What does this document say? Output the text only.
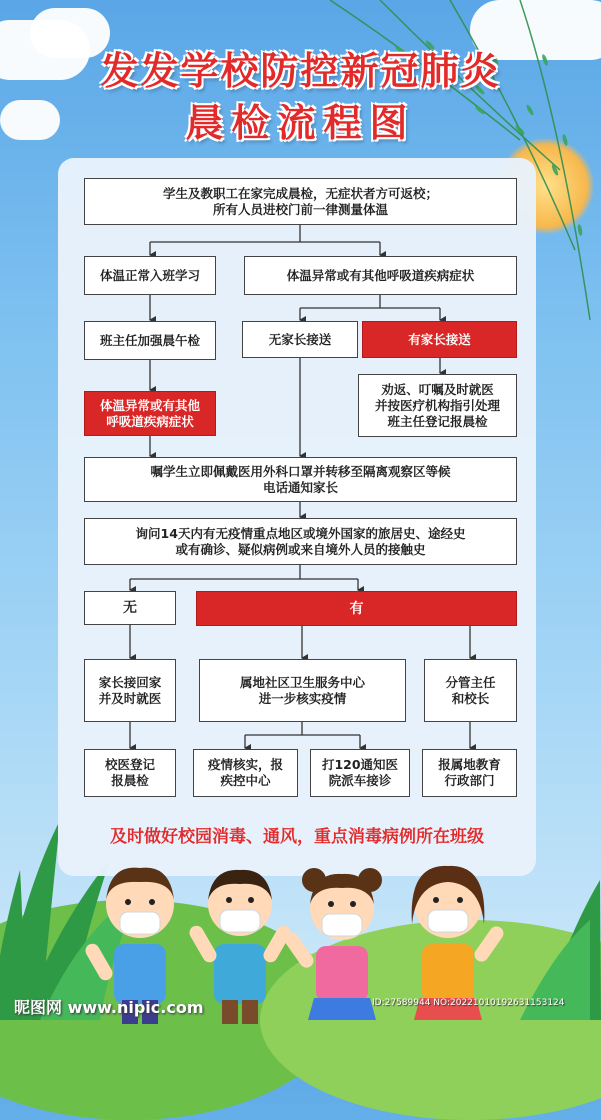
发发学校防控新冠肺炎
晨检流程图
学生及教职工在家完成晨检，无症状者方可返校；
所有人员进校门前一律测量体温
体温正常入班学习	体温异常或有其他呼吸道疾病症状
班主任加强晨午检	无家长接送	有家长接送
体温异常或有其他
呼吸道疾病症状
劝返、叮嘱及时就医
并按医疗机构指引处理
班主任登记报晨检
嘱学生立即佩戴医用外科口罩并转移至隔离观察区等候
电话通知家长
询问14天内有无疫情重点地区或境外国家的旅居史、途经史
或有确诊、疑似病例或来自境外人员的接触史
无	有
家长接回家
并及时就医
属地社区卫生服务中心
进一步核实疫情
分管主任
和校长
校医登记
报晨检
疫情核实，报
疾控中心
打120通知医
院派车接诊
报属地教育
行政部门
及时做好校园消毒、通风，重点消毒病例所在班级
昵图网 www.nipic.com	ID:27589944 NO:20221010192631153124
